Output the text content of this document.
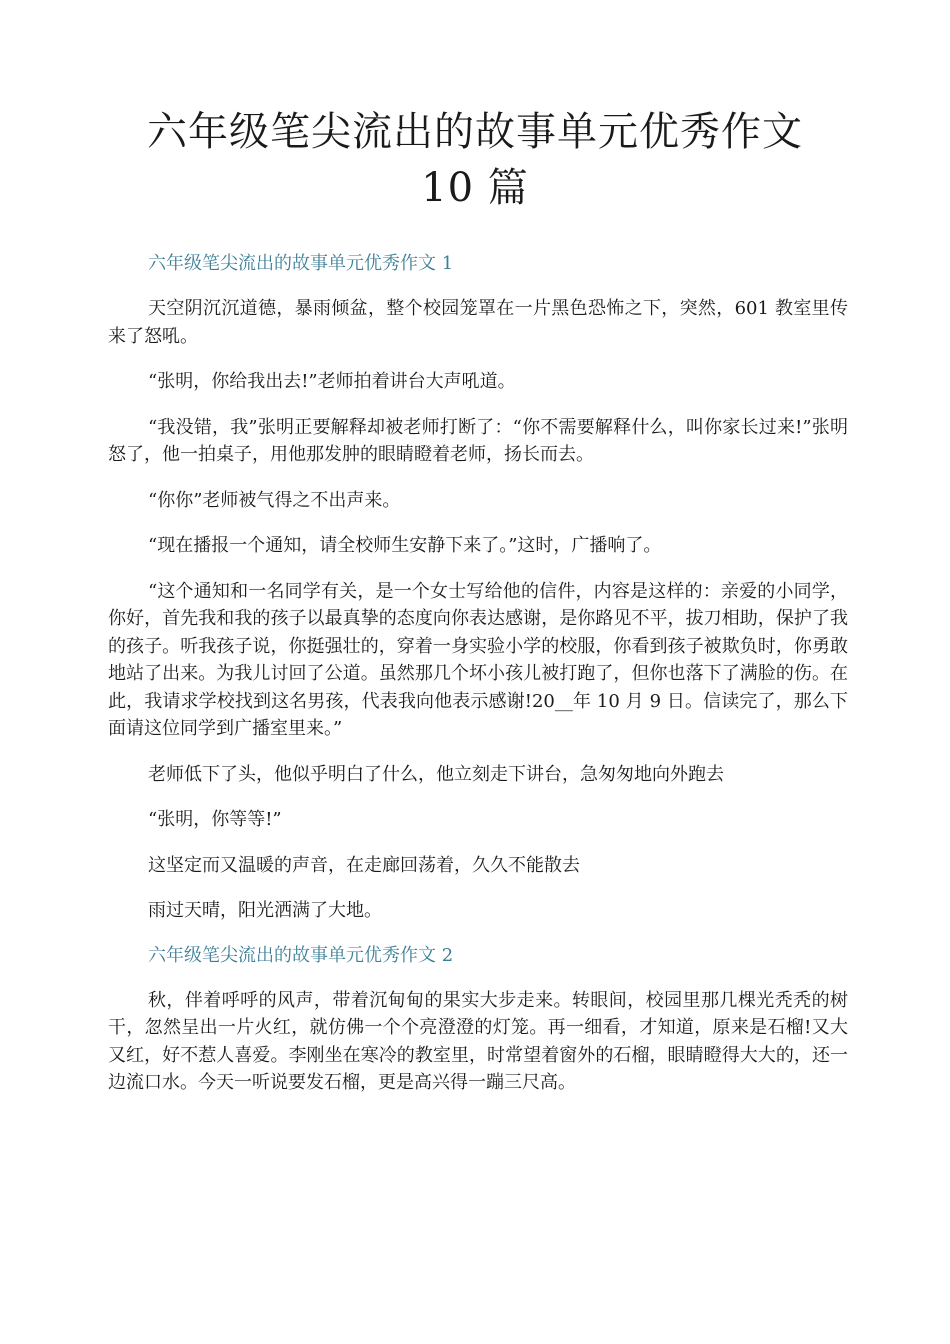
六年级笔尖流出的故事单元优秀作文
10 篇
六年级笔尖流出的故事单元优秀作文 1

天空阴沉沉道德，暴雨倾盆，整个校园笼罩在一片黑色恐怖之下，突然，601 教室里传来了怒吼。

“张明，你给我出去!”老师拍着讲台大声吼道。

“我没错，我”张明正要解释却被老师打断了：“你不需要解释什么，叫你家长过来!”张明怒了，他一拍桌子，用他那发肿的眼睛瞪着老师，扬长而去。

“你你”老师被气得之不出声来。

“现在播报一个通知，请全校师生安静下来了。”这时，广播响了。

“这个通知和一名同学有关，是一个女士写给他的信件，内容是这样的：亲爱的小同学，你好，首先我和我的孩子以最真挚的态度向你表达感谢，是你路见不平，拔刀相助，保护了我的孩子。听我孩子说，你挺强壮的，穿着一身实验小学的校服，你看到孩子被欺负时，你勇敢地站了出来。为我儿讨回了公道。虽然那几个坏小孩儿被打跑了，但你也落下了满脸的伤。在此，我请求学校找到这名男孩，代表我向他表示感谢!20__年 10 月 9 日。信读完了，那么下面请这位同学到广播室里来。”

老师低下了头，他似乎明白了什么，他立刻走下讲台，急匆匆地向外跑去

“张明，你等等!”

这坚定而又温暖的声音，在走廊回荡着，久久不能散去

雨过天晴，阳光洒满了大地。

六年级笔尖流出的故事单元优秀作文 2

秋，伴着呼呼的风声，带着沉甸甸的果实大步走来。转眼间，校园里那几棵光秃秃的树干，忽然呈出一片火红，就仿佛一个个亮澄澄的灯笼。再一细看，才知道，原来是石榴!又大又红，好不惹人喜爱。李刚坐在寒冷的教室里，时常望着窗外的石榴，眼睛瞪得大大的，还一边流口水。今天一听说要发石榴，更是高兴得一蹦三尺高。
